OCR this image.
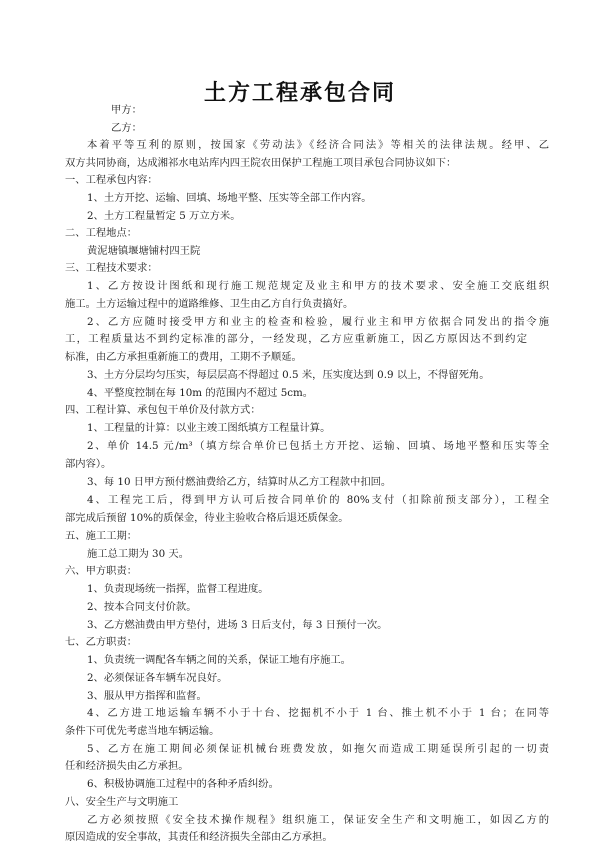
土方工程承包合同
甲方：
乙方：
本着平等互利的原则，按国家《劳动法》《经济合同法》等相关的法律法规。经甲、乙
双方共同协商，达成湘祁水电站库内四王院农田保护工程施工项目承包合同协议如下：
一、工程承包内容：
1、土方开挖、运输、回填、场地平整、压实等全部工作内容。
2、土方工程量暂定 5 万立方米。
二、工程地点：
黄泥塘镇堰塘铺村四王院
三、工程技术要求：
1、乙方按设计图纸和现行施工规范规定及业主和甲方的技术要求、安全施工交底组织
施工。土方运输过程中的道路维修、卫生由乙方自行负责搞好。
2、乙方应随时接受甲方和业主的检查和检验，履行业主和甲方依据合同发出的指令施
工，工程质量达不到约定标准的部分，一经发现，乙方应重新施工，因乙方原因达不到约定
标准，由乙方承担重新施工的费用，工期不予顺延。
3、土方分层均匀压实，每层层高不得超过 0.5 米，压实度达到 0.9 以上，不得留死角。
4、平整度控制在每 10m 的范围内不超过 5cm。
四、工程计算、承包包干单价及付款方式：
1、工程量的计算：以业主竣工图纸填方工程量计算。
2、单价 14.5 元/m³（填方综合单价已包括土方开挖、运输、回填、场地平整和压实等全
部内容）。
3、每 10 日甲方预付燃油费给乙方，结算时从乙方工程款中扣回。
4、工程完工后，得到甲方认可后按合同单价的 80%支付（扣除前预支部分），工程全
部完成后预留 10%的质保金，待业主验收合格后退还质保金。
五、施工工期：
施工总工期为 30 天。
六、甲方职责：
1、负责现场统一指挥，监督工程进度。
2、按本合同支付价款。
3、乙方燃油费由甲方垫付，进场 3 日后支付，每 3 日预付一次。
七、乙方职责：
1、负责统一调配各车辆之间的关系，保证工地有序施工。
2、必须保证各车辆车况良好。
3、服从甲方指挥和监督。
4、乙方进工地运输车辆不小于十台、挖掘机不小于 1 台、推土机不小于 1 台；在同等
条件下可优先考虑当地车辆运输。
5、乙方在施工期间必须保证机械台班费发放，如拖欠而造成工期延误所引起的一切责
任和经济损失由乙方承担。
6、积极协调施工过程中的各种矛盾纠纷。
八、安全生产与文明施工
乙方必须按照《安全技术操作规程》组织施工，保证安全生产和文明施工，如因乙方的
原因造成的安全事故，其责任和经济损失全部由乙方承担。
